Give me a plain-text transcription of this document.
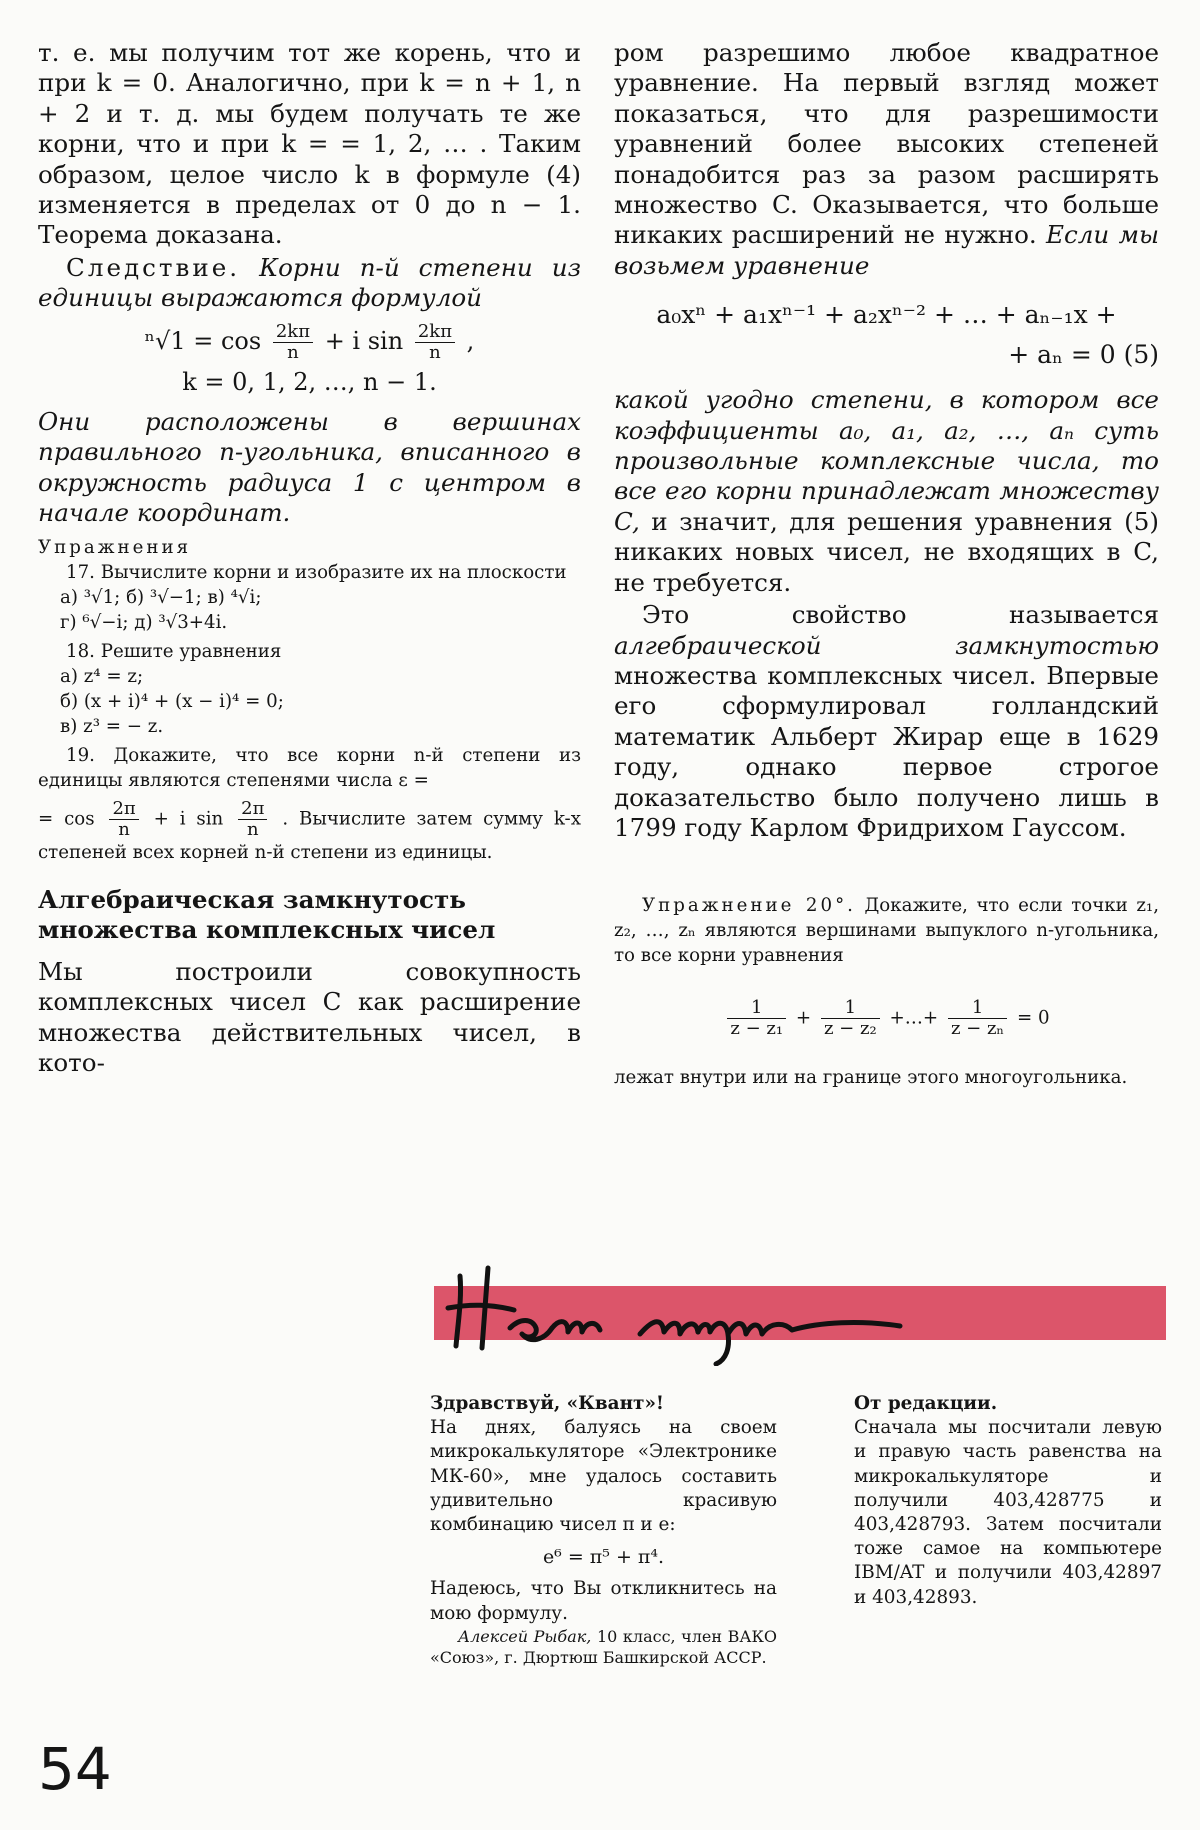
т. е. мы получим тот же корень, что и при k = 0. Аналогично, при k = n + 1, n + 2 и т. д. мы будем получать те же корни, что и при k = = 1, 2, … . Таким образом, целое число k в формуле (4) изменяется в пределах от 0 до n − 1. Теорема доказана.

Следствие. Корни n-й степени из единицы выражаются формулой

$^n√1 = \cos \frac{2k\pi}{n} + i$ $\sin \frac{2k\pi}{n}$ ,
k = 0, 1, 2, …, n − 1.

Они расположены в вершинах правильного n-угольника, вписанного в окружность радиуса 1 с центром в начале координат.

Упражнения
17. Вычислите корни и изобразите их на плоскости
а) ³√1; б) ³√−1; в) ⁴√i;
г) ⁶√−i; д) ³√3+4i.
18. Решите уравнения
а) z⁴ = z;
б) (x + i)⁴ + (x − i)⁴ = 0;
в) z³ = − z.
19. Докажите, что все корни n-й степени из единицы являются степенями числа ε =
= $\cos \frac{2\pi}{n} + i$ $\sin \frac{2\pi}{n}$ . Вычислите затем сумму k-х степеней всех корней n-й степени из единицы.
Алгебраическая замкнутость множества комплексных чисел

Мы построили совокупность комплексных чисел C как расширение множества действительных чисел, в кото-

ром разрешимо любое квадратное уравнение. На первый взгляд может показаться, что для разрешимости уравнений более высоких степеней понадобится раз за разом расширять множество C. Оказывается, что больше никаких расширений не нужно. Если мы возьмем уравнение

a₀xⁿ + a₁xⁿ⁻¹ + a₂xⁿ⁻² + … + aₙ₋₁x +
+ aₙ = 0 (5)

какой угодно степени, в котором все коэффициенты a₀, a₁, a₂, …, aₙ суть произвольные комплексные числа, то все его корни принадлежат множеству C, и значит, для решения уравнения (5) никаких новых чисел, не входящих в C, не требуется.

Это свойство называется алгебраической замкнутостью множества комплексных чисел. Впервые его сформулировал голландский математик Альберт Жирар еще в 1629 году, однако первое строгое доказательство было получено лишь в 1799 году Карлом Фридрихом Гауссом.

Упражнение 20°. Докажите, что если точки z₁, z₂, …, zₙ являются вершинами выпуклого n-угольника, то все корни уравнения
$\frac{1}{\text{z − z₁}} + \frac{1}{\text{z − z₂}}$ +…+ $\frac{1}{\text{z − zₙ}} = 0$
лежат внутри или на границе этого многоугольника.

Здравствуй, «Квант»!

На днях, балуясь на своем микрокалькуляторе «Электронике МК-60», мне удалось составить удивительно красивую комбинацию чисел π и e:

e⁶ = π⁵ + π⁴.

Надеюсь, что Вы откликнитесь на мою формулу.

Алексей Рыбак, 10 класс, член ВАКО «Союз», г. Дюртюш Башкирской АССР.

От редакции.

Сначала мы посчитали левую и правую часть равенства на микрокалькуляторе и получили 403,428775 и 403,428793. Затем посчитали тоже самое на компьютере IBM/AT и получили 403,42897 и 403,42893.

54
